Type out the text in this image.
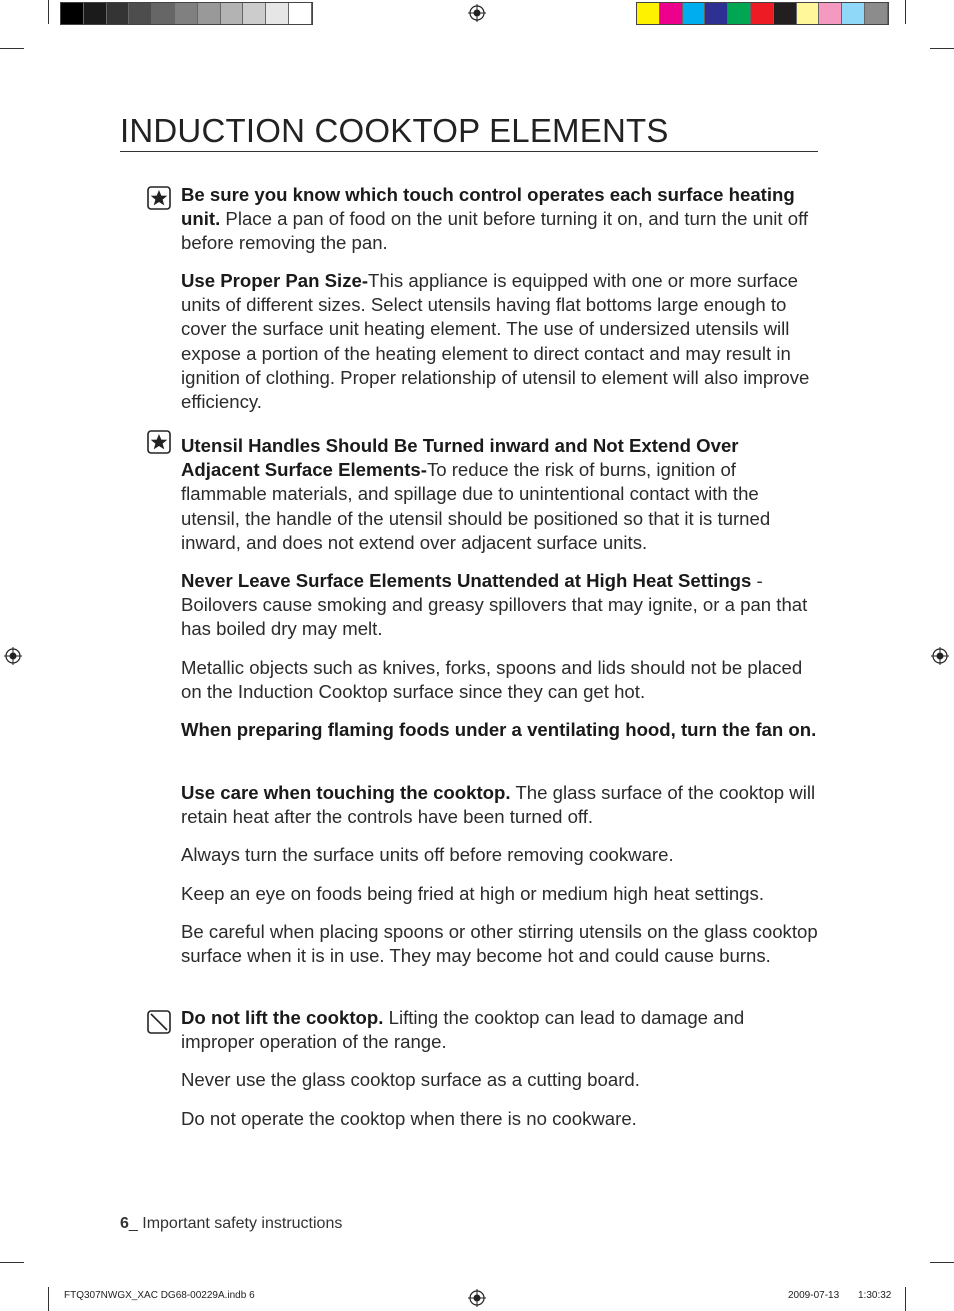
INDUCTION COOKTOP ELEMENTS

Be sure you know which touch control operates each surface heating unit. Place a pan of food on the unit before turning it on, and turn the unit off before removing the pan.

Use Proper Pan Size-This appliance is equipped with one or more surface units of different sizes. Select utensils having flat bottoms large enough to cover the surface unit heating element. The use of undersized utensils will expose a portion of the heating element to direct contact and may result in ignition of clothing. Proper relationship of utensil to element will also improve efficiency.

Utensil Handles Should Be Turned inward and Not Extend Over Adjacent Surface Elements-To reduce the risk of burns, ignition of flammable materials, and spillage due to unintentional contact with the utensil, the handle of the utensil should be positioned so that it is turned inward, and does not extend over adjacent surface units.

Never Leave Surface Elements Unattended at High Heat Settings - Boilovers cause smoking and greasy spillovers that may ignite, or a pan that has boiled dry may melt.

Metallic objects such as knives, forks, spoons and lids should not be placed on the Induction Cooktop surface since they can get hot.

When preparing flaming foods under a ventilating hood, turn the fan on.

Use care when touching the cooktop. The glass surface of the cooktop will retain heat after the controls have been turned off.

Always turn the surface units off before removing cookware.

Keep an eye on foods being fried at high or medium high heat settings.

Be careful when placing spoons or other stirring utensils on the glass cooktop surface when it is in use. They may become hot and could cause burns.

Do not lift the cooktop. Lifting the cooktop can lead to damage and improper operation of the range.

Never use the glass cooktop surface as a cutting board.

Do not operate the cooktop when there is no cookware.

6_ Important safety instructions

FTQ307NWGX_XAC DG68-00229A.indb 6	2009-07-13 1:30:32
